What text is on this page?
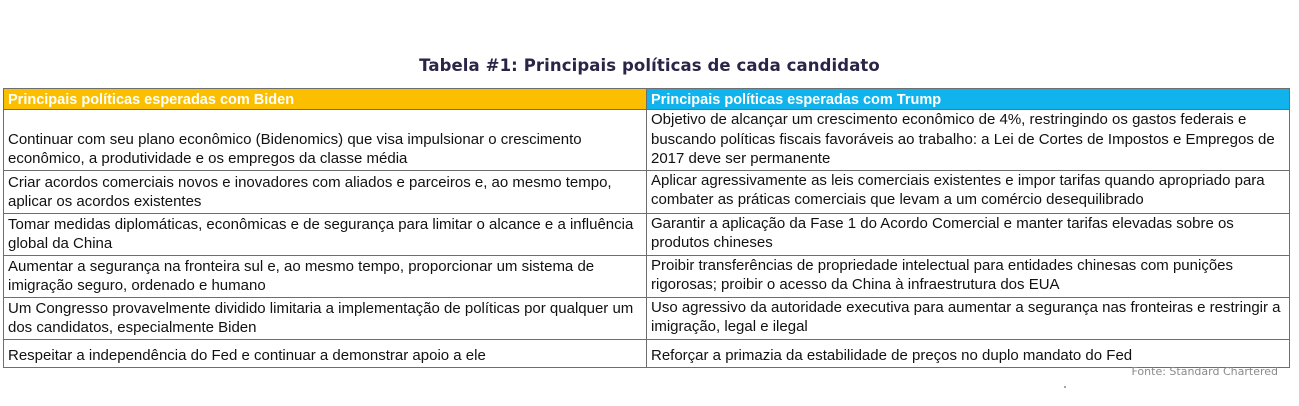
Tabela #1: Principais políticas de cada candidato
Principais políticas esperadas com Biden	Principais políticas esperadas com Trump
Continuar com seu plano econômico (Bidenomics) que visa impulsionar o crescimento econômico, a produtividade e os empregos da classe média	Objetivo de alcançar um crescimento econômico de 4%, restringindo os gastos federais e buscando políticas fiscais favoráveis ao trabalho: a Lei de Cortes de Impostos e Empregos de 2017 deve ser permanente
Criar acordos comerciais novos e inovadores com aliados e parceiros e, ao mesmo tempo, aplicar os acordos existentes	Aplicar agressivamente as leis comerciais existentes e impor tarifas quando apropriado para combater as práticas comerciais que levam a um comércio desequilibrado
Tomar medidas diplomáticas, econômicas e de segurança para limitar o alcance e a influência global da China	Garantir a aplicação da Fase 1 do Acordo Comercial e manter tarifas elevadas sobre os produtos chineses
Aumentar a segurança na fronteira sul e, ao mesmo tempo, proporcionar um sistema de imigração seguro, ordenado e humano	Proibir transferências de propriedade intelectual para entidades chinesas com punições rigorosas; proibir o acesso da China à infraestrutura dos EUA
Um Congresso provavelmente dividido limitaria a implementação de políticas por qualquer um dos candidatos, especialmente Biden	Uso agressivo da autoridade executiva para aumentar a segurança nas fronteiras e restringir a imigração, legal e ilegal
Respeitar a independência do Fed e continuar a demonstrar apoio a ele	Reforçar a primazia da estabilidade de preços no duplo mandato do Fed
Fonte: Standard Chartered
